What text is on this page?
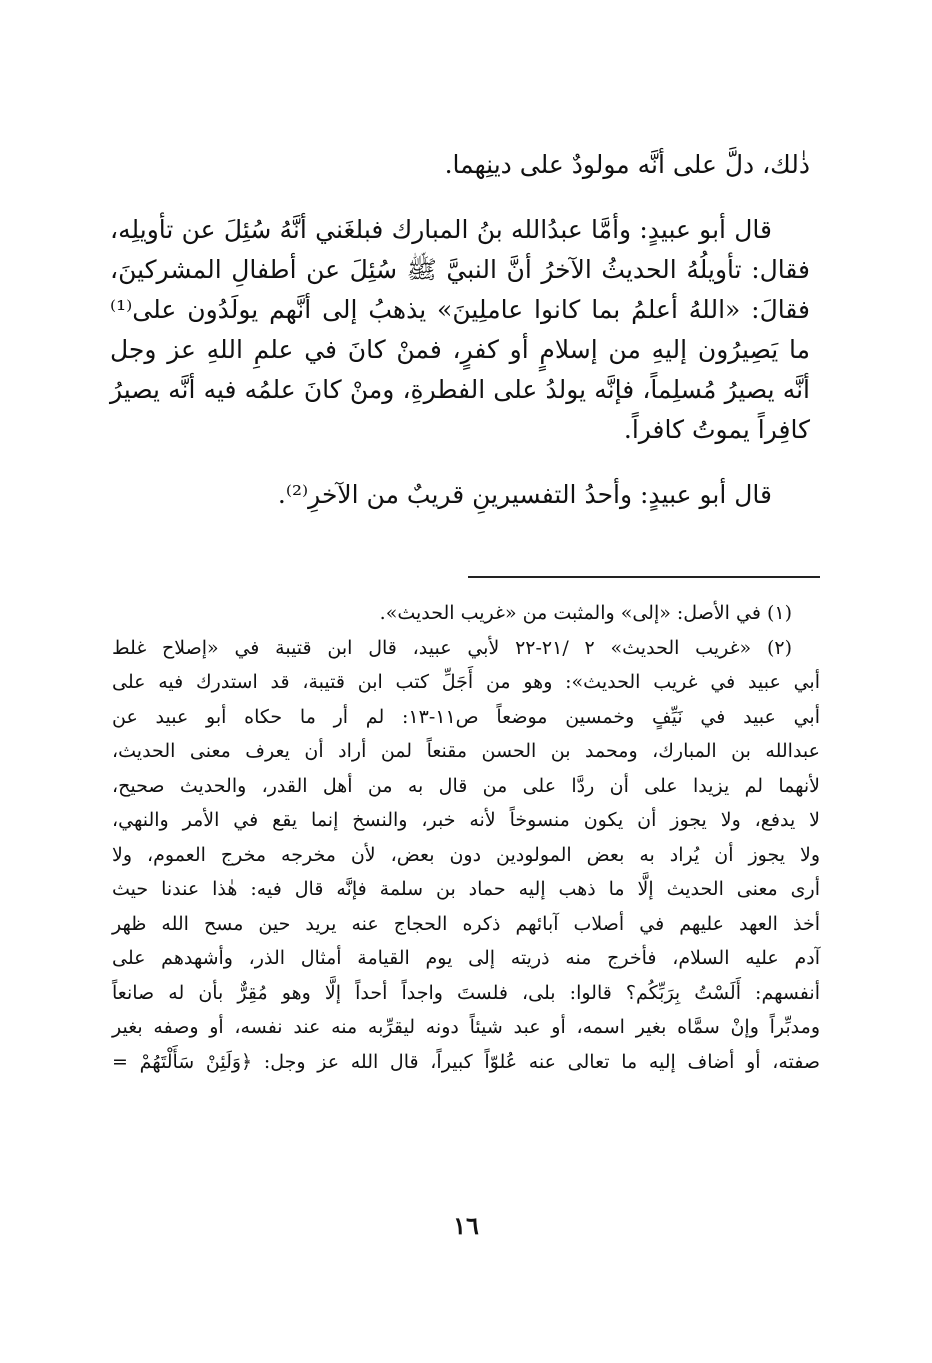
ذٰلك، دلَّ على أنَّه مولودٌ على دينِهما.
قال أبو عبيدٍ: وأمَّا عبدُالله بنُ المبارك فبلغَني أنَّهُ سُئِلَ عن تأويلِه،
فقال: تأويلُهُ الحديثُ الآخرُ أنَّ النبيَّ ﷺ سُئِلَ عن أطفالِ المشركينَ،
فقالَ: «اللهُ أعلمُ بما كانوا عاملِينَ» يذهبُ إلى أنَّهم يولَدُون على⁽¹⁾
ما يَصِيرُون إليهِ من إسلامٍ أو كفرٍ، فمنْ كانَ في علمِ اللهِ عز وجل
أنَّه يصيرُ مُسلِماً، فإنَّه يولدُ على الفطرةِ، ومنْ كانَ علمُه فيه أنَّه يصيرُ
كافِراً يموتُ كافراً.
قال أبو عبيدٍ: وأحدُ التفسيرينِ قريبٌ من الآخرِ⁽²⁾.
(١) في الأصل: «إلى» والمثبت من «غريب الحديث».
(٢) «غريب الحديث» ٢ /٢١-٢٢ لأبي عبيد، قال ابن قتيبة في «إصلاح غلط
أبي عبيد في غريب الحديث»: وهو من أَجَلِّ كتب ابن قتيبة، قد استدرك فيه على
أبي عبيد في نَيِّفٍ وخمسين موضعاً ص١١-١٣: لم أر ما حكاه أبو عبيد عن
عبدالله بن المبارك، ومحمد بن الحسن مقنعاً لمن أراد أن يعرف معنى الحديث،
لأنهما لم يزيدا على أن ردَّا على من قال به من أهل القدر، والحديث صحيح،
لا يدفع، ولا يجوز أن يكون منسوخاً لأنه خبر، والنسخ إنما يقع في الأمر والنهي،
ولا يجوز أن يُراد به بعض المولودين دون بعض، لأن مخرجه مخرج العموم، ولا
أرى معنى الحديث إلَّا ما ذهب إليه حماد بن سلمة فإنَّه قال فيه: هٰذا عندنا حيث
أخذ العهد عليهم في أصلاب آبائهم ذكره الحجاج عنه يريد حين مسح الله ظهر
آدم عليه السلام، فأخرج منه ذريته إلى يوم القيامة أمثال الذر، وأشهدهم على
أنفسهم: أَلَسْتُ بِرَبِّكُم؟ قالوا: بلى، فلستَ واجداً أحداً إلَّا وهو مُقِرٌّ بأن له صانعاً
ومدبِّراً وإنْ سمَّاه بغير اسمه، أو عبد شيئاً دونه ليقرِّبه منه عند نفسه، أو وصفه بغير
صفته، أو أضاف إليه ما تعالى عنه عُلوّاً كبيراً، قال الله عز وجل: ﴿وَلَئِنْ سَأَلْتَهُمْ =
١٦
